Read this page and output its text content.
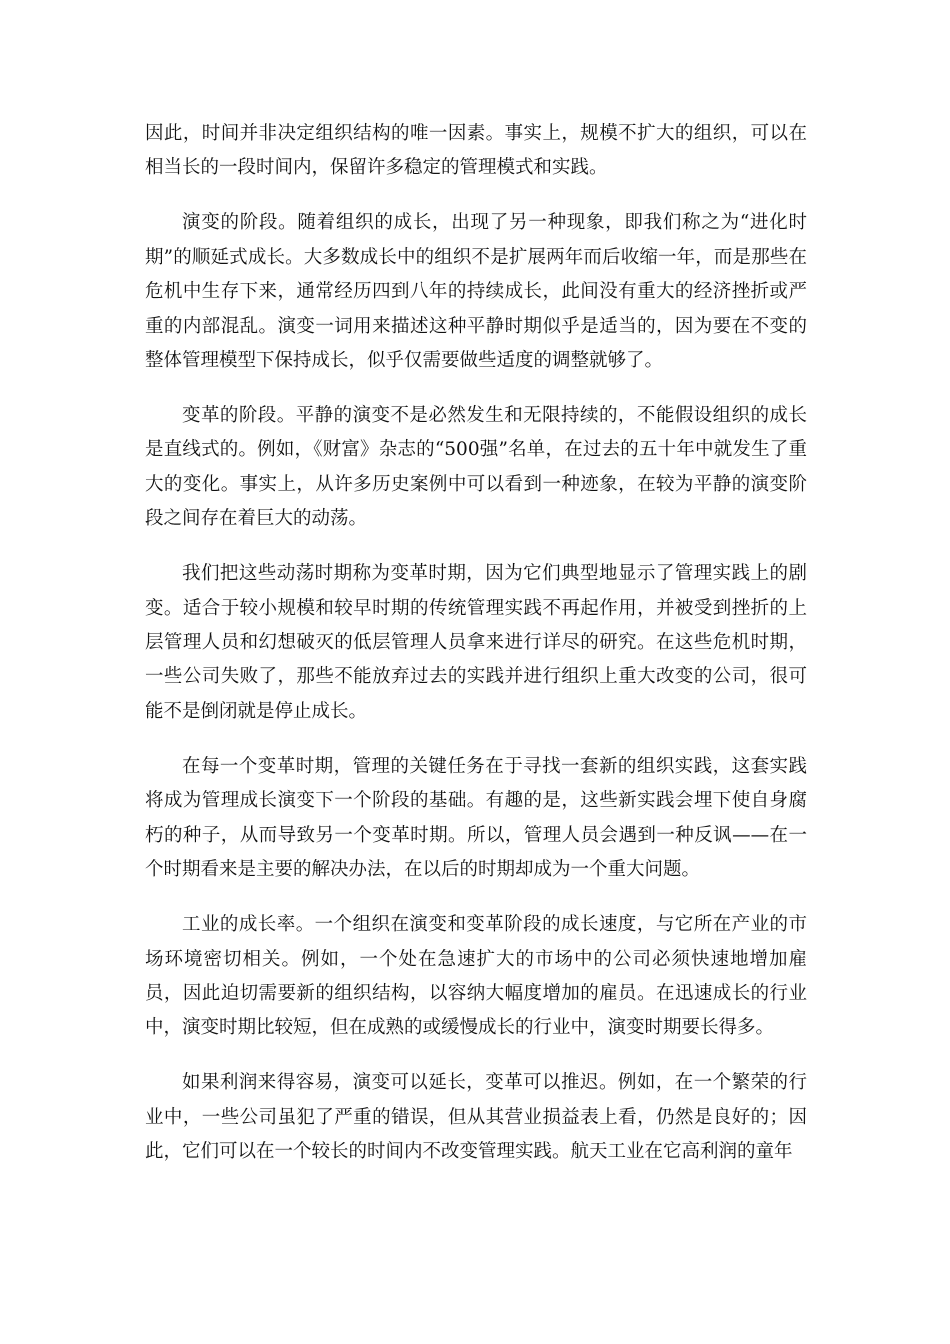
因此，时间并非决定组织结构的唯一因素。事实上，规模不扩大的组织，可以在相当长的一段时间内，保留许多稳定的管理模式和实践。

演变的阶段。随着组织的成长，出现了另一种现象，即我们称之为“进化时期”的顺延式成长。大多数成长中的组织不是扩展两年而后收缩一年，而是那些在危机中生存下来，通常经历四到八年的持续成长，此间没有重大的经济挫折或严重的内部混乱。演变一词用来描述这种平静时期似乎是适当的，因为要在不变的整体管理模型下保持成长，似乎仅需要做些适度的调整就够了。

变革的阶段。平静的演变不是必然发生和无限持续的，不能假设组织的成长是直线式的。例如，《财富》杂志的“500强”名单，在过去的五十年中就发生了重大的变化。事实上，从许多历史案例中可以看到一种迹象，在较为平静的演变阶段之间存在着巨大的动荡。

我们把这些动荡时期称为变革时期，因为它们典型地显示了管理实践上的剧变。适合于较小规模和较早时期的传统管理实践不再起作用，并被受到挫折的上层管理人员和幻想破灭的低层管理人员拿来进行详尽的研究。在这些危机时期，一些公司失败了，那些不能放弃过去的实践并进行组织上重大改变的公司，很可能不是倒闭就是停止成长。

在每一个变革时期，管理的关键任务在于寻找一套新的组织实践，这套实践将成为管理成长演变下一个阶段的基础。有趣的是，这些新实践会埋下使自身腐朽的种子，从而导致另一个变革时期。所以，管理人员会遇到一种反讽——在一个时期看来是主要的解决办法，在以后的时期却成为一个重大问题。

工业的成长率。一个组织在演变和变革阶段的成长速度，与它所在产业的市场环境密切相关。例如，一个处在急速扩大的市场中的公司必须快速地增加雇员，因此迫切需要新的组织结构，以容纳大幅度增加的雇员。在迅速成长的行业中，演变时期比较短，但在成熟的或缓慢成长的行业中，演变时期要长得多。

如果利润来得容易，演变可以延长，变革可以推迟。例如，在一个繁荣的行业中，一些公司虽犯了严重的错误，但从其营业损益表上看，仍然是良好的；因此，它们可以在一个较长的时间内不改变管理实践。航天工业在它高利润的童年
